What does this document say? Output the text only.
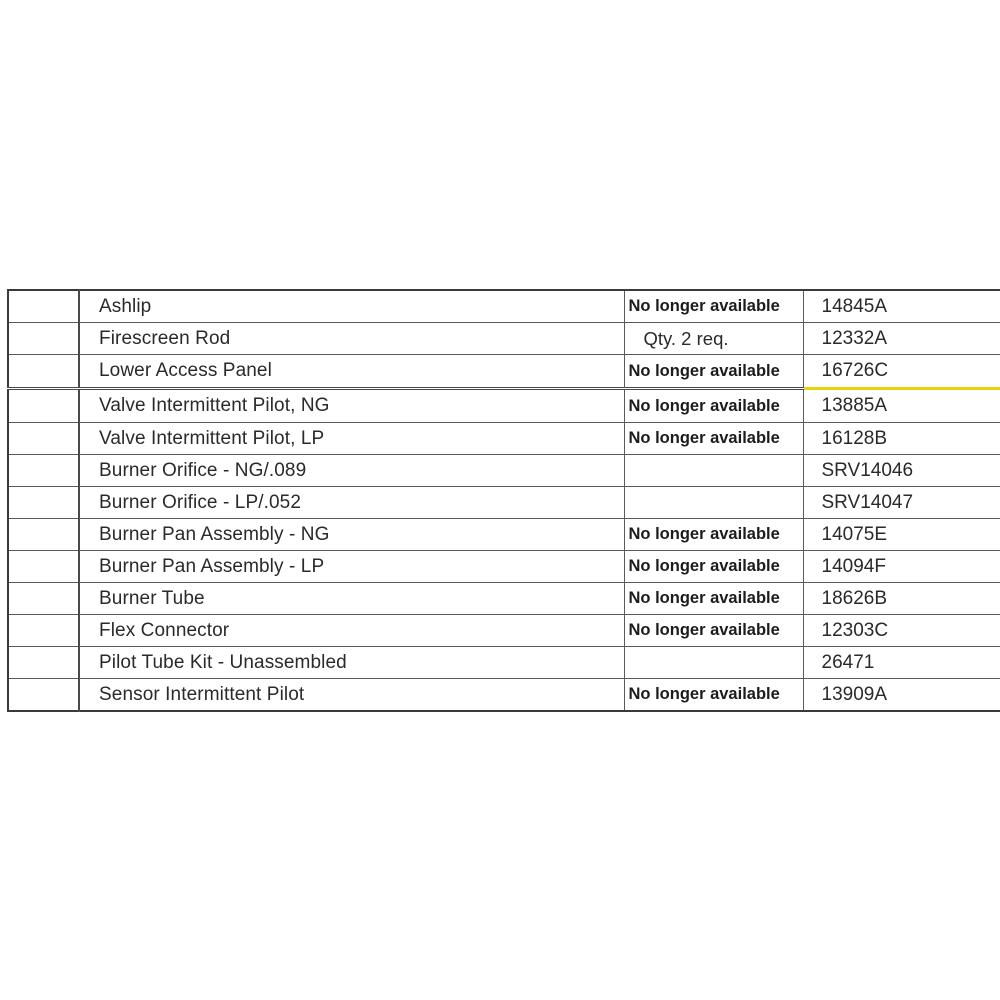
	Ashlip	No longer available	14845A
	Firescreen Rod	Qty. 2 req.	12332A
	Lower Access Panel	No longer available	16726C
	Valve Intermittent Pilot, NG	No longer available	13885A
	Valve Intermittent Pilot, LP	No longer available	16128B
	Burner Orifice - NG/.089		SRV14046
	Burner Orifice - LP/.052		SRV14047
	Burner Pan Assembly - NG	No longer available	14075E
	Burner Pan Assembly - LP	No longer available	14094F
	Burner Tube	No longer available	18626B
	Flex Connector	No longer available	12303C
	Pilot Tube Kit - Unassembled		26471
	Sensor Intermittent Pilot	No longer available	13909A
